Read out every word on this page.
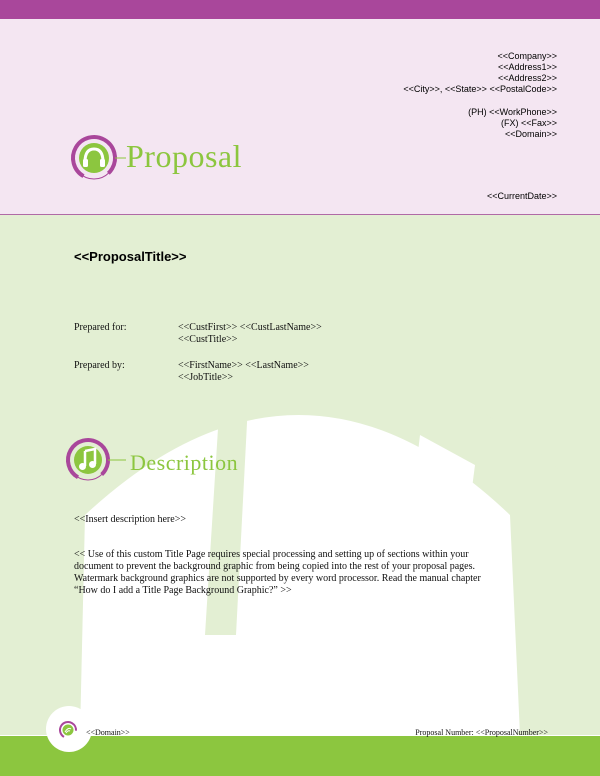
<<Company>>
<<Address1>>
<<Address2>>
<<City>>, <<State>> <<PostalCode>>
(PH) <<WorkPhone>>
(FX) <<Fax>>
<<Domain>>
<<CurrentDate>>
Proposal
<<ProposalTitle>>
Prepared for:	<<CustFirst>> <<CustLastName>>
<<CustTitle>>
Prepared by:	<<FirstName>> <<LastName>>
<<JobTitle>>
Description
<<Insert description here>>
<< Use of this custom Title Page requires special processing and setting up of sections within your
document to prevent the background graphic from being copied into the rest of your proposal pages.
Watermark background graphics are not supported by every word processor. Read the manual chapter
“How do I add a Title Page Background Graphic?” >>
<<Domain>>	Proposal Number: <<ProposalNumber>>
